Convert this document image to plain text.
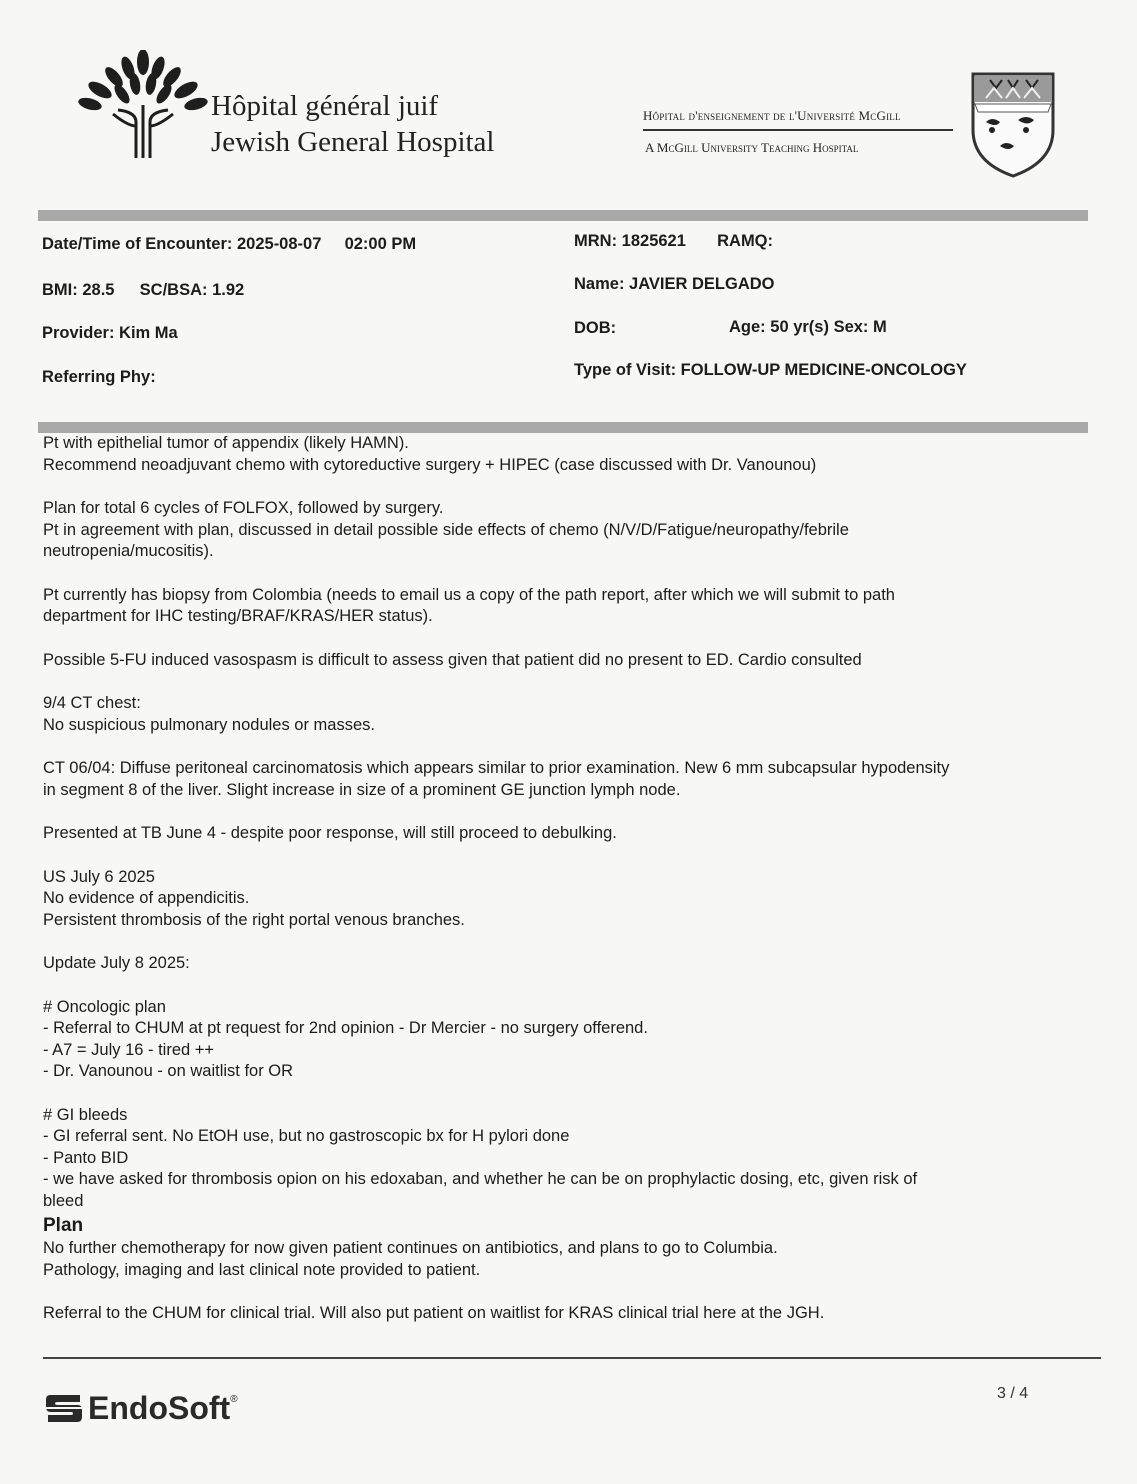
Hôpital général juif
Jewish General Hospital
Hôpital d'enseignement de l'Université McGill
A McGill University Teaching Hospital
Date/Time of Encounter: 2025-08-07 02:00 PM	MRN: 1825621 RAMQ:
BMI: 28.5 SC/BSA: 1.92	Name: JAVIER DELGADO
Provider: Kim Ma	DOB:	Age: 50 yr(s) Sex: M
Referring Phy:	Type of Visit: FOLLOW-UP MEDICINE-ONCOLOGY

Pt with epithelial tumor of appendix (likely HAMN).
Recommend neoadjuvant chemo with cytoreductive surgery + HIPEC (case discussed with Dr. Vanounou)

Plan for total 6 cycles of FOLFOX, followed by surgery.
Pt in agreement with plan, discussed in detail possible side effects of chemo (N/V/D/Fatigue/neuropathy/febrile
neutropenia/mucositis).

Pt currently has biopsy from Colombia (needs to email us a copy of the path report, after which we will submit to path
department for IHC testing/BRAF/KRAS/HER status).

Possible 5-FU induced vasospasm is difficult to assess given that patient did no present to ED. Cardio consulted

9/4 CT chest:
No suspicious pulmonary nodules or masses.

CT 06/04: Diffuse peritoneal carcinomatosis which appears similar to prior examination. New 6 mm subcapsular hypodensity
in segment 8 of the liver. Slight increase in size of a prominent GE junction lymph node.

Presented at TB June 4 - despite poor response, will still proceed to debulking.

US July 6 2025
No evidence of appendicitis.
Persistent thrombosis of the right portal venous branches.

Update July 8 2025:

# Oncologic plan
- Referral to CHUM at pt request for 2nd opinion - Dr Mercier - no surgery offerend.
- A7 = July 16 - tired ++
- Dr. Vanounou - on waitlist for OR

# GI bleeds
- GI referral sent. No EtOH use, but no gastroscopic bx for H pylori done
- Panto BID
- we have asked for thrombosis opion on his edoxaban, and whether he can be on prophylactic dosing, etc, given risk of
bleed

Plan

No further chemotherapy for now given patient continues on antibiotics, and plans to go to Columbia.
Pathology, imaging and last clinical note provided to patient.

Referral to the CHUM for clinical trial. Will also put patient on waitlist for KRAS clinical trial here at the JGH.

EndoSoft ®	3 / 4
